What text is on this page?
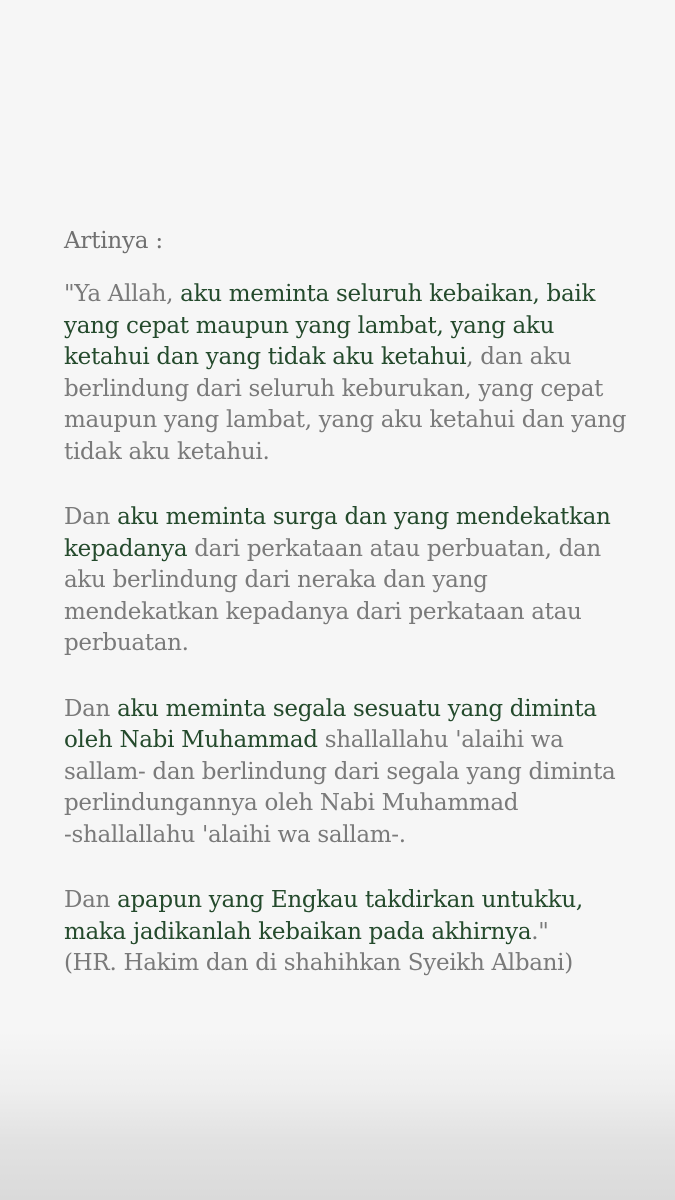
Artinya :

"Ya Allah, aku meminta seluruh kebaikan, baik
yang cepat maupun yang lambat, yang aku
ketahui dan yang tidak aku ketahui, dan aku
berlindung dari seluruh keburukan, yang cepat
maupun yang lambat, yang aku ketahui dan yang
tidak aku ketahui.

Dan aku meminta surga dan yang mendekatkan
kepadanya dari perkataan atau perbuatan, dan
aku berlindung dari neraka dan yang
mendekatkan kepadanya dari perkataan atau
perbuatan.

Dan aku meminta segala sesuatu yang diminta
oleh Nabi Muhammad shallallahu 'alaihi wa
sallam- dan berlindung dari segala yang diminta
perlindungannya oleh Nabi Muhammad
-shallallahu 'alaihi wa sallam-.

Dan apapun yang Engkau takdirkan untukku,
maka jadikanlah kebaikan pada akhirnya."
(HR. Hakim dan di shahihkan Syeikh Albani)
